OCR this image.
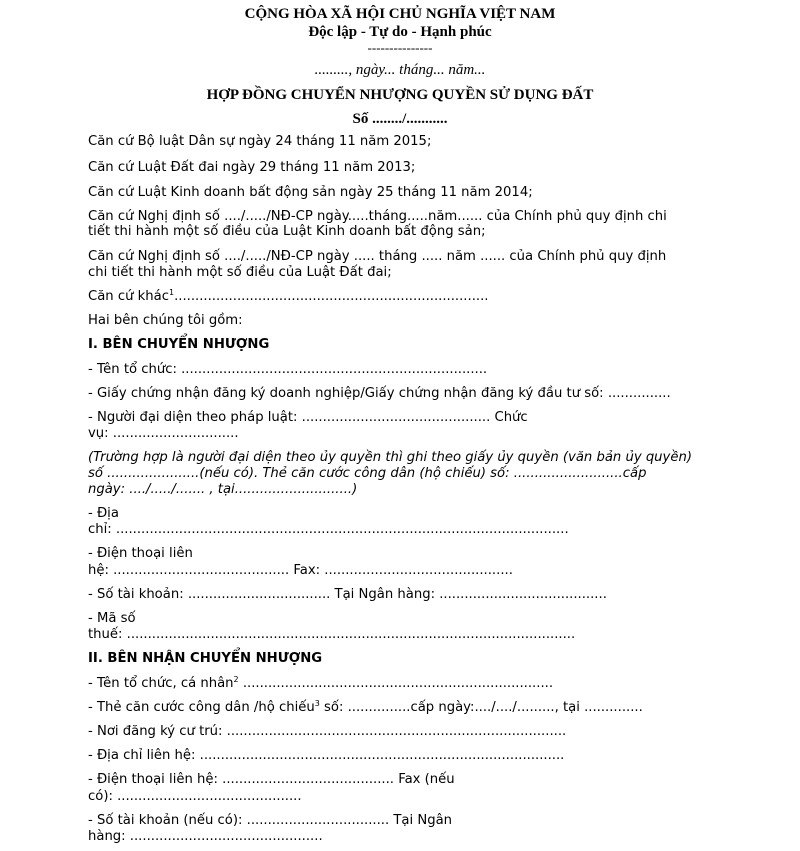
CỘNG HÒA XÃ HỘI CHỦ NGHĨA VIỆT NAM
Độc lập - Tự do - Hạnh phúc
---------------
........., ngày... tháng... năm...
HỢP ĐỒNG CHUYỂN NHƯỢNG QUYỀN SỬ DỤNG ĐẤT
Số ......../...........
Căn cứ Bộ luật Dân sự ngày 24 tháng 11 năm 2015;
Căn cứ Luật Đất đai ngày 29 tháng 11 năm 2013;
Căn cứ Luật Kinh doanh bất động sản ngày 25 tháng 11 năm 2014;
Căn cứ Nghị định số ..../...../NĐ-CP ngày.....tháng.....năm...... của Chính phủ quy định chi
tiết thi hành một số điều của Luật Kinh doanh bất động sản;
Căn cứ Nghị định số ..../...../NĐ-CP ngày ..... tháng ..... năm ...... của Chính phủ quy định
chi tiết thi hành một số điều của Luật Đất đai;
Căn cứ khác$^1$...........................................................................
Hai bên chúng tôi gồm:
I. BÊN CHUYỂN NHƯỢNG
- Tên tổ chức: .........................................................................
- Giấy chứng nhận đăng ký doanh nghiệp/Giấy chứng nhận đăng ký đầu tư số: ...............
- Người đại diện theo pháp luật: ............................................. Chức
vụ: ..............................
(Trường hợp là người đại diện theo ủy quyền thì ghi theo giấy ủy quyền (văn bản ủy quyền)
số ......................(nếu có). Thẻ căn cước công dân (hộ chiếu) số: ..........................cấp
ngày: ..../...../....... , tại............................)
- Địa
chỉ: ............................................................................................................
- Điện thoại liên
hệ: .......................................... Fax: .............................................
- Số tài khoản: .................................. Tại Ngân hàng: ........................................
- Mã số
thuế: ...........................................................................................................
II. BÊN NHẬN CHUYỂN NHƯỢNG
- Tên tổ chức, cá nhân$^2$ ..........................................................................
- Thẻ căn cước công dân /hộ chiếu$^3$ số: ...............cấp ngày:..../..../........., tại ..............
- Nơi đăng ký cư trú: .................................................................................
- Địa chỉ liên hệ: .......................................................................................
- Điện thoại liên hệ: ......................................... Fax (nếu
có): ............................................
- Số tài khoản (nếu có): .................................. Tại Ngân
hàng: ..............................................
